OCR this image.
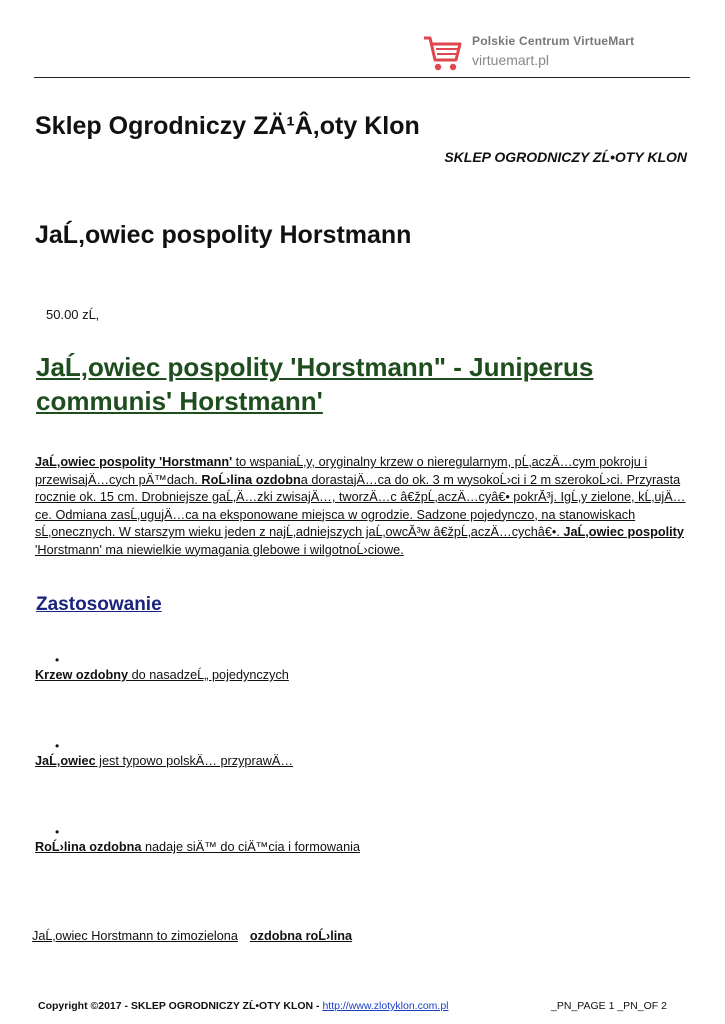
Polskie Centrum VirtueMart
virtuemart.pl
Sklep Ogrodniczy ZÄ¹Â‚oty Klon
SKLEP OGRODNICZY ZĹ•OTY KLON
JaĹ‚owiec pospolity Horstmann
50.00 zĹ‚
JaĹ‚owiec pospolity 'Horstmann" - Juniperus communis' Horstmann'
JaĹ‚owiec pospolity 'Horstmann' to wspaniaĹ‚y, oryginalny krzew o nieregularnym, pĹ‚aczÄ…cym pokroju i przewisajÄ…cych pÄ™dach. RoĹ›lina ozdobna dorastajÄ…ca do ok. 3 m wysokoĹ›ci i 2 m szerokoĹ›ci. Przyrasta rocznie ok. 15 cm. Drobniejsze gaĹ‚Ä…zki zwisajÄ…, tworzÄ…c â€žpĹ‚aczÄ…cyâ€• pokrĂ³j. IgĹ‚y zielone, kĹ‚ujÄ…ce. Odmiana zasĹ‚ugujÄ…ca na eksponowane miejsca w ogrodzie. Sadzone pojedynczo, na stanowiskach sĹ‚onecznych. W starszym wieku jeden z najĹ‚adniejszych jaĹ‚owcĂ³w â€žpĹ‚aczÄ…cychâ€•. JaĹ‚owiec pospolity 'Horstmann' ma niewielkie wymagania glebowe i wilgotnoĹ›ciowe.
Zastosowanie
•
Krzew ozdobny do nasadzeĹ„ pojedynczych
•
JaĹ‚owiec jest typowo polskÄ… przyprawÄ…
•
RoĹ›lina ozdobna nadaje siÄ™ do ciÄ™cia i formowania
JaĹ‚owiec Horstmann to zimozielona ozdobna roĹ›lina
Copyright ©2017 - SKLEP OGRODNICZY ZĹ•OTY KLON - http://www.zlotyklon.com.pl	_PN_PAGE 1 _PN_OF 2
